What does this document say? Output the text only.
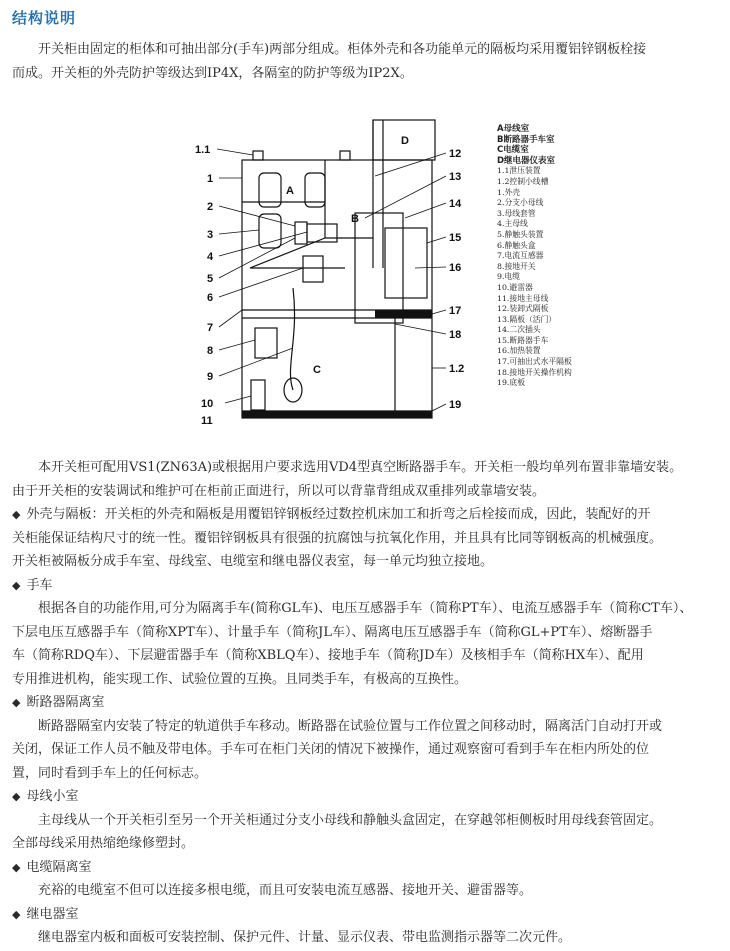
结构说明

开关柜由固定的柜体和可抽出部分(手车)两部分组成。柜体外壳和各功能单元的隔板均采用覆铝锌钢板栓接

而成。开关柜的外壳防护等级达到IP4X，各隔室的防护等级为IP2X。

A
B
C
D
1.1
1
2
3
4
5
6
7
8
9
10
11
12
13
14
15
16
17
18
1.2
19
A母线室
B断路器手车室
C电缆室
D继电器仪表室
1.1泄压装置
1.2控制小线槽
1.外壳
2.分支小母线
3.母线套管
4.主母线
5.静触头装置
6.静触头盒
7.电流互感器
8.接地开关
9.电缆
10.避雷器
11.接地主母线
12.装卸式隔板
13.隔板（活门）
14.二次插头
15.断路器手车
16.加热装置
17.可抽出式水平隔板
18.接地开关操作机构
19.底板

本开关柜可配用VS1(ZN63A)或根据用户要求选用VD4型真空断路器手车。开关柜一般均单列布置非靠墙安装。

由于开关柜的安装调试和维护可在柜前正面进行，所以可以背靠背组成双重排列或靠墙安装。

◆ 外壳与隔板：开关柜的外壳和隔板是用覆铝锌钢板经过数控机床加工和折弯之后栓接而成，因此，装配好的开

关柜能保证结构尺寸的统一性。覆铝锌钢板具有很强的抗腐蚀与抗氧化作用，并且具有比同等钢板高的机械强度。

开关柜被隔板分成手车室、母线室、电缆室和继电器仪表室，每一单元均独立接地。

◆ 手车

根据各自的功能作用,可分为隔离手车(简称GL车)、电压互感器手车（简称PT车）、电流互感器手车（简称CT车）、

下层电压互感器手车（简称XPT车）、计量手车（简称JL车）、隔离电压互感器手车（简称GL+PT车）、熔断器手

车（简称RDQ车）、下层避雷器手车（简称XBLQ车）、接地手车（简称JD车）及核相手车（简称HX车）、配用

专用推进机构，能实现工作、试验位置的互换。且同类手车，有极高的互换性。

◆ 断路器隔离室

断路器隔室内安装了特定的轨道供手车移动。断路器在试验位置与工作位置之间移动时，隔离活门自动打开或

关闭，保证工作人员不触及带电体。手车可在柜门关闭的情况下被操作，通过观察窗可看到手车在柜内所处的位

置，同时看到手车上的任何标志。

◆ 母线小室

主母线从一个开关柜引至另一个开关柜通过分支小母线和静触头盒固定，在穿越邻柜侧板时用母线套管固定。

全部母线采用热缩绝缘修塑封。

◆ 电缆隔离室

充裕的电缆室不但可以连接多根电缆，而且可安装电流互感器、接地开关、避雷器等。

◆ 继电器室

继电器室内板和面板可安装控制、保护元件、计量、显示仪表、带电监测指示器等二次元件。
